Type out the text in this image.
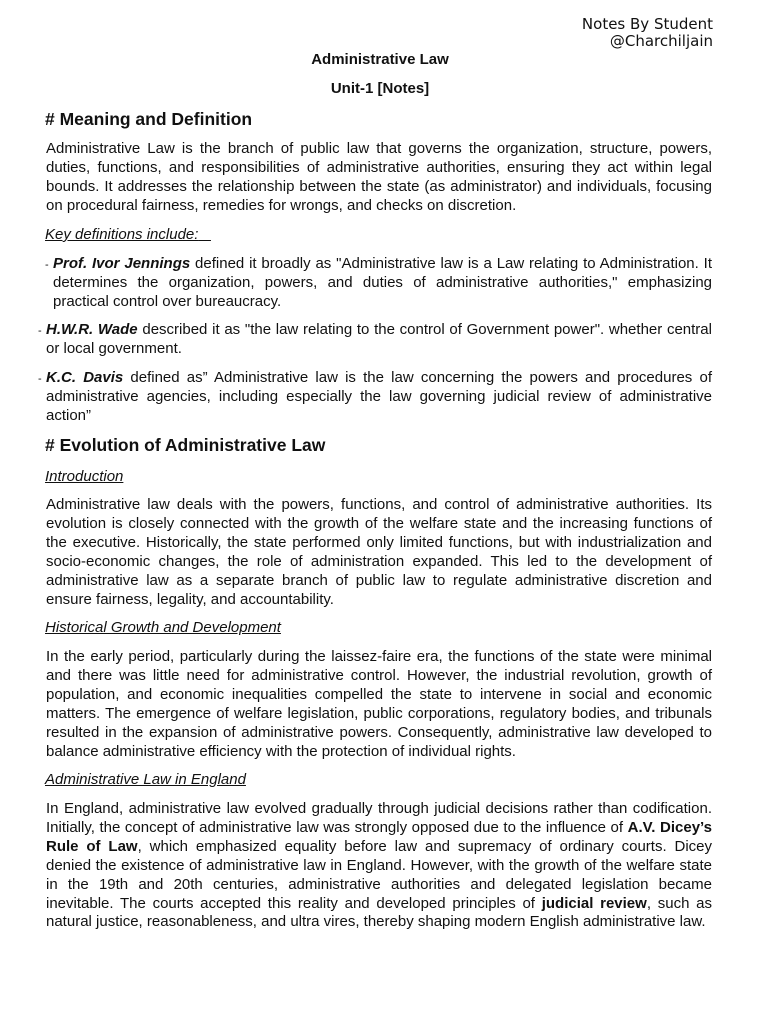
Notes By Student
@Charchiljain
Administrative Law
Unit-1 [Notes]
# Meaning and Definition

Administrative Law is the branch of public law that governs the organization, structure, powers, duties, functions, and responsibilities of administrative authorities, ensuring they act within legal bounds. It addresses the relationship between the state (as administrator) and individuals, focusing on procedural fairness, remedies for wrongs, and checks on discretion.

Key definitions include:
- Prof. Ivor Jennings defined it broadly as "Administrative law is a Law relating to Administration. It determines the organization, powers, and duties of administrative authorities," emphasizing practical control over bureaucracy.

- H.W.R. Wade described it as "the law relating to the control of Government power". whether central or local government.

- K.C. Davis defined as” Administrative law is the law concerning the powers and procedures of administrative agencies, including especially the law governing judicial review of administrative action”

# Evolution of Administrative Law
Introduction

Administrative law deals with the powers, functions, and control of administrative authorities. Its evolution is closely connected with the growth of the welfare state and the increasing functions of the executive. Historically, the state performed only limited functions, but with industrialization and socio-economic changes, the role of administration expanded. This led to the development of administrative law as a separate branch of public law to regulate administrative discretion and ensure fairness, legality, and accountability.

Historical Growth and Development

In the early period, particularly during the laissez-faire era, the functions of the state were minimal and there was little need for administrative control. However, the industrial revolution, growth of population, and economic inequalities compelled the state to intervene in social and economic matters. The emergence of welfare legislation, public corporations, regulatory bodies, and tribunals resulted in the expansion of administrative powers. Consequently, administrative law developed to balance administrative efficiency with the protection of individual rights.

Administrative Law in England

In England, administrative law evolved gradually through judicial decisions rather than codification. Initially, the concept of administrative law was strongly opposed due to the influence of A.V. Dicey’s Rule of Law, which emphasized equality before law and supremacy of ordinary courts. Dicey denied the existence of administrative law in England. However, with the growth of the welfare state in the 19th and 20th centuries, administrative authorities and delegated legislation became inevitable. The courts accepted this reality and developed principles of judicial review, such as natural justice, reasonableness, and ultra vires, thereby shaping modern English administrative law.
